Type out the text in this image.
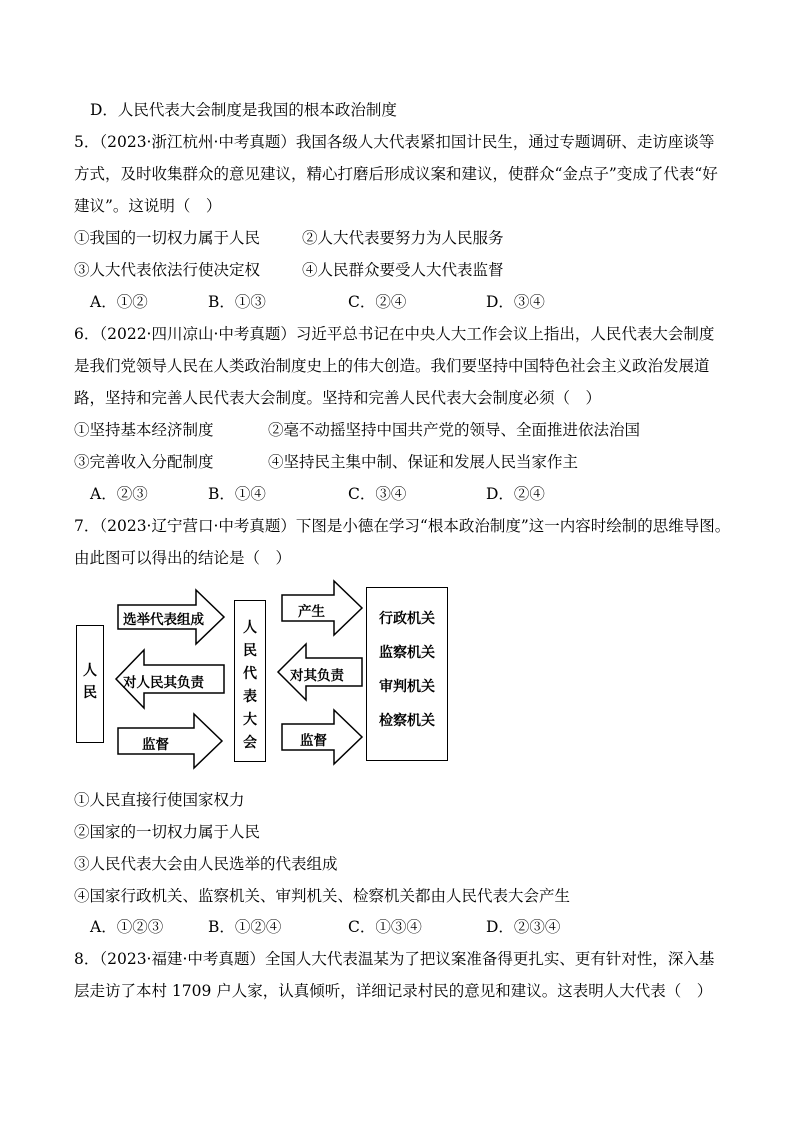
D．人民代表大会制度是我国的根本政治制度
5．（2023·浙江杭州·中考真题）我国各级人大代表紧扣国计民生，通过专题调研、走访座谈等
方式，及时收集群众的意见建议，精心打磨后形成议案和建议，使群众“金点子”变成了代表“好
建议”。这说明（　）
①我国的一切权力属于人民	②人大代表要努力为人民服务
③人大代表依法行使决定权	④人民群众要受人大代表监督
A．①②	B．①③	C．②④	D．③④
6．（2022·四川凉山·中考真题）习近平总书记在中央人大工作会议上指出，人民代表大会制度
是我们党领导人民在人类政治制度史上的伟大创造。我们要坚持中国特色社会主义政治发展道
路，坚持和完善人民代表大会制度。坚持和完善人民代表大会制度必须（　）
①坚持基本经济制度	②毫不动摇坚持中国共产党的领导、全面推进依法治国
③完善收入分配制度	④坚持民主集中制、保证和发展人民当家作主
A．②③	B．①④	C．③④	D．②④
7．（2023·辽宁营口·中考真题）下图是小德在学习“根本政治制度”这一内容时绘制的思维导图。
由此图可以得出的结论是（　）
人民
人民代表大会
行政机关
监察机关
审判机关
检察机关
选举代表组成
对人民其负责
监督
产生
对其负责
监督
①人民直接行使国家权力
②国家的一切权力属于人民
③人民代表大会由人民选举的代表组成
④国家行政机关、监察机关、审判机关、检察机关都由人民代表大会产生
A．①②③	B．①②④	C．①③④	D．②③④
8．（2023·福建·中考真题）全国人大代表温某为了把议案准备得更扎实、更有针对性，深入基
层走访了本村 1709 户人家，认真倾听，详细记录村民的意见和建议。这表明人大代表（　）
